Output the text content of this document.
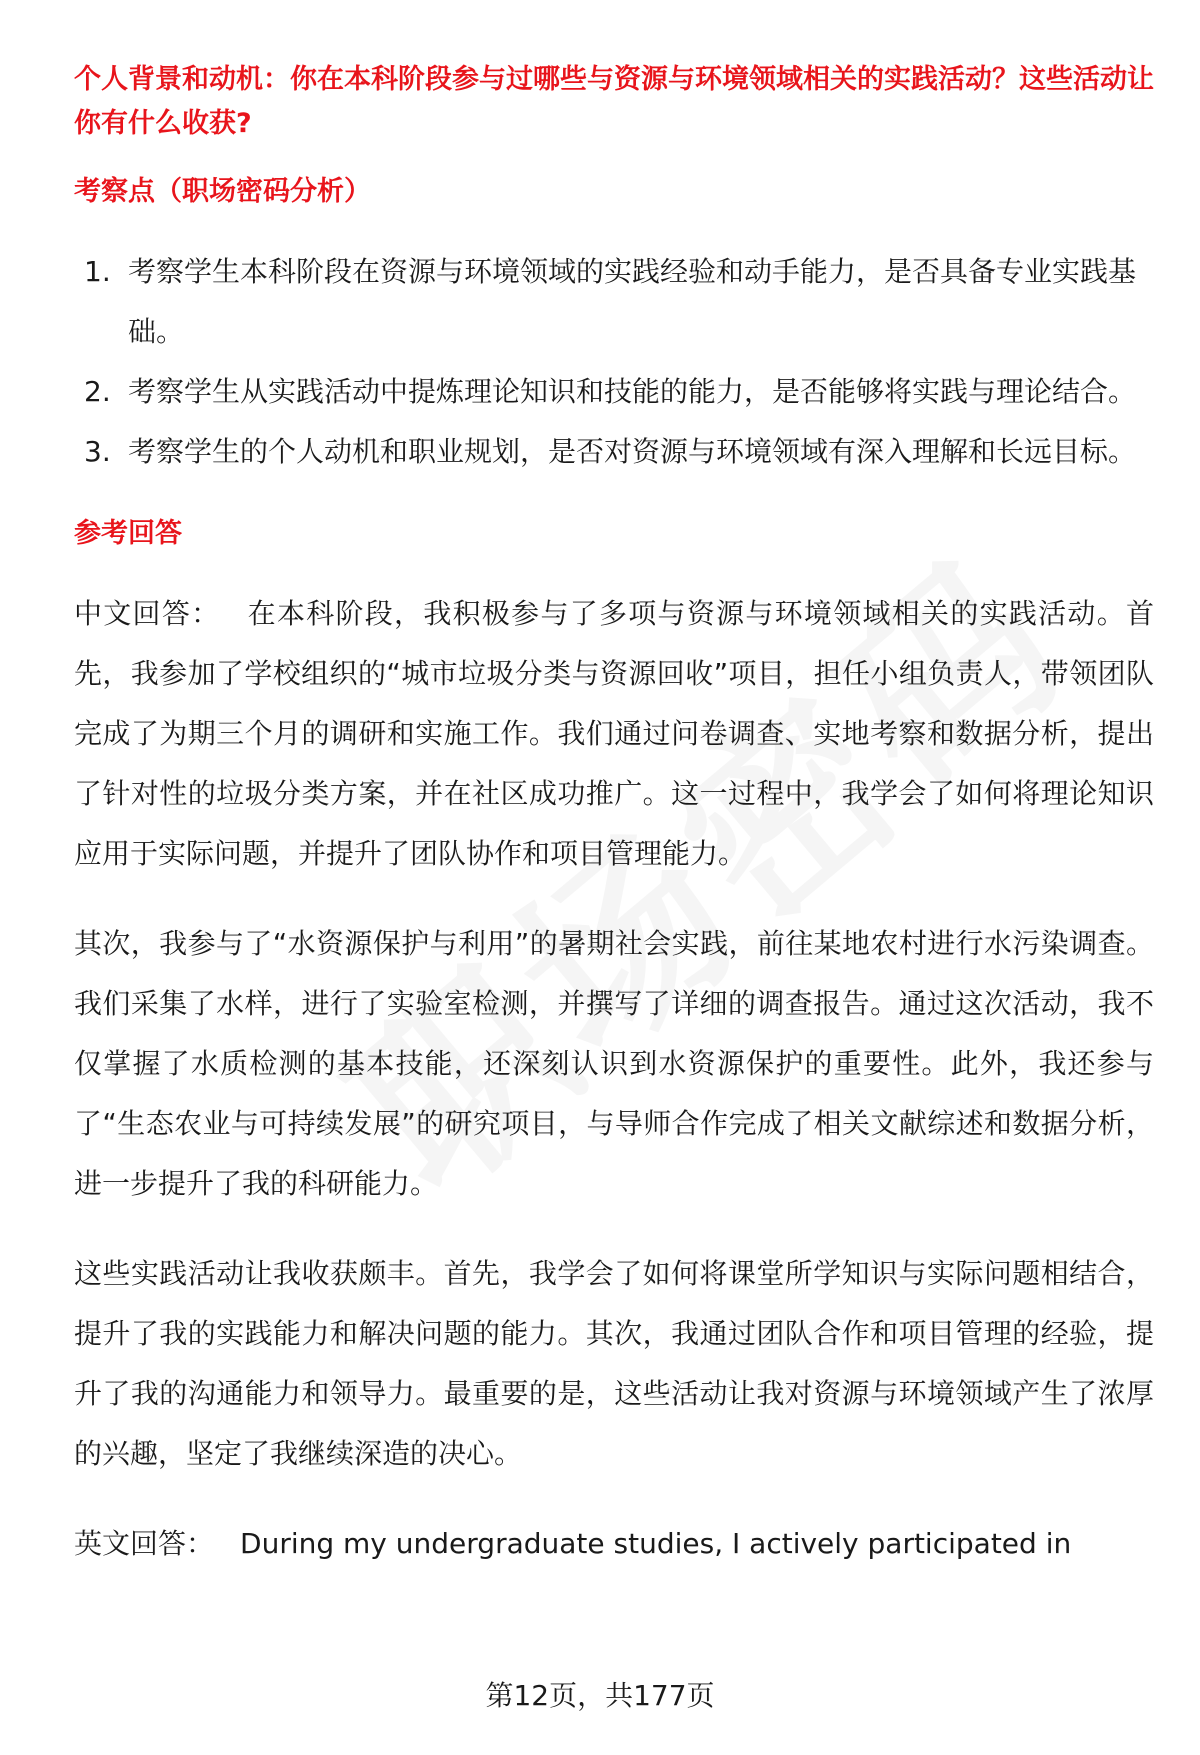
个人背景和动机：你在本科阶段参与过哪些与资源与环境领域相关的实践活动？这些活动让你有什么收获?

考察点（职场密码分析）

1. 考察学生本科阶段在资源与环境领域的实践经验和动手能力，是否具备专业实践基础。
2. 考察学生从实践活动中提炼理论知识和技能的能力，是否能够将实践与理论结合。
3. 考察学生的个人动机和职业规划，是否对资源与环境领域有深入理解和长远目标。

参考回答

中文回答： 在本科阶段，我积极参与了多项与资源与环境领域相关的实践活动。首先，我参加了学校组织的“城市垃圾分类与资源回收”项目，担任小组负责人，带领团队完成了为期三个月的调研和实施工作。我们通过问卷调查、实地考察和数据分析，提出了针对性的垃圾分类方案，并在社区成功推广。这一过程中，我学会了如何将理论知识应用于实际问题，并提升了团队协作和项目管理能力。

其次，我参与了“水资源保护与利用”的暑期社会实践，前往某地农村进行水污染调查。我们采集了水样，进行了实验室检测，并撰写了详细的调查报告。通过这次活动，我不仅掌握了水质检测的基本技能，还深刻认识到水资源保护的重要性。此外，我还参与了“生态农业与可持续发展”的研究项目，与导师合作完成了相关文献综述和数据分析，进一步提升了我的科研能力。

这些实践活动让我收获颇丰。首先，我学会了如何将课堂所学知识与实际问题相结合，提升了我的实践能力和解决问题的能力。其次，我通过团队合作和项目管理的经验，提升了我的沟通能力和领导力。最重要的是，这些活动让我对资源与环境领域产生了浓厚的兴趣，坚定了我继续深造的决心。

英文回答： During my undergraduate studies, I actively participated in

第12页，共177页
